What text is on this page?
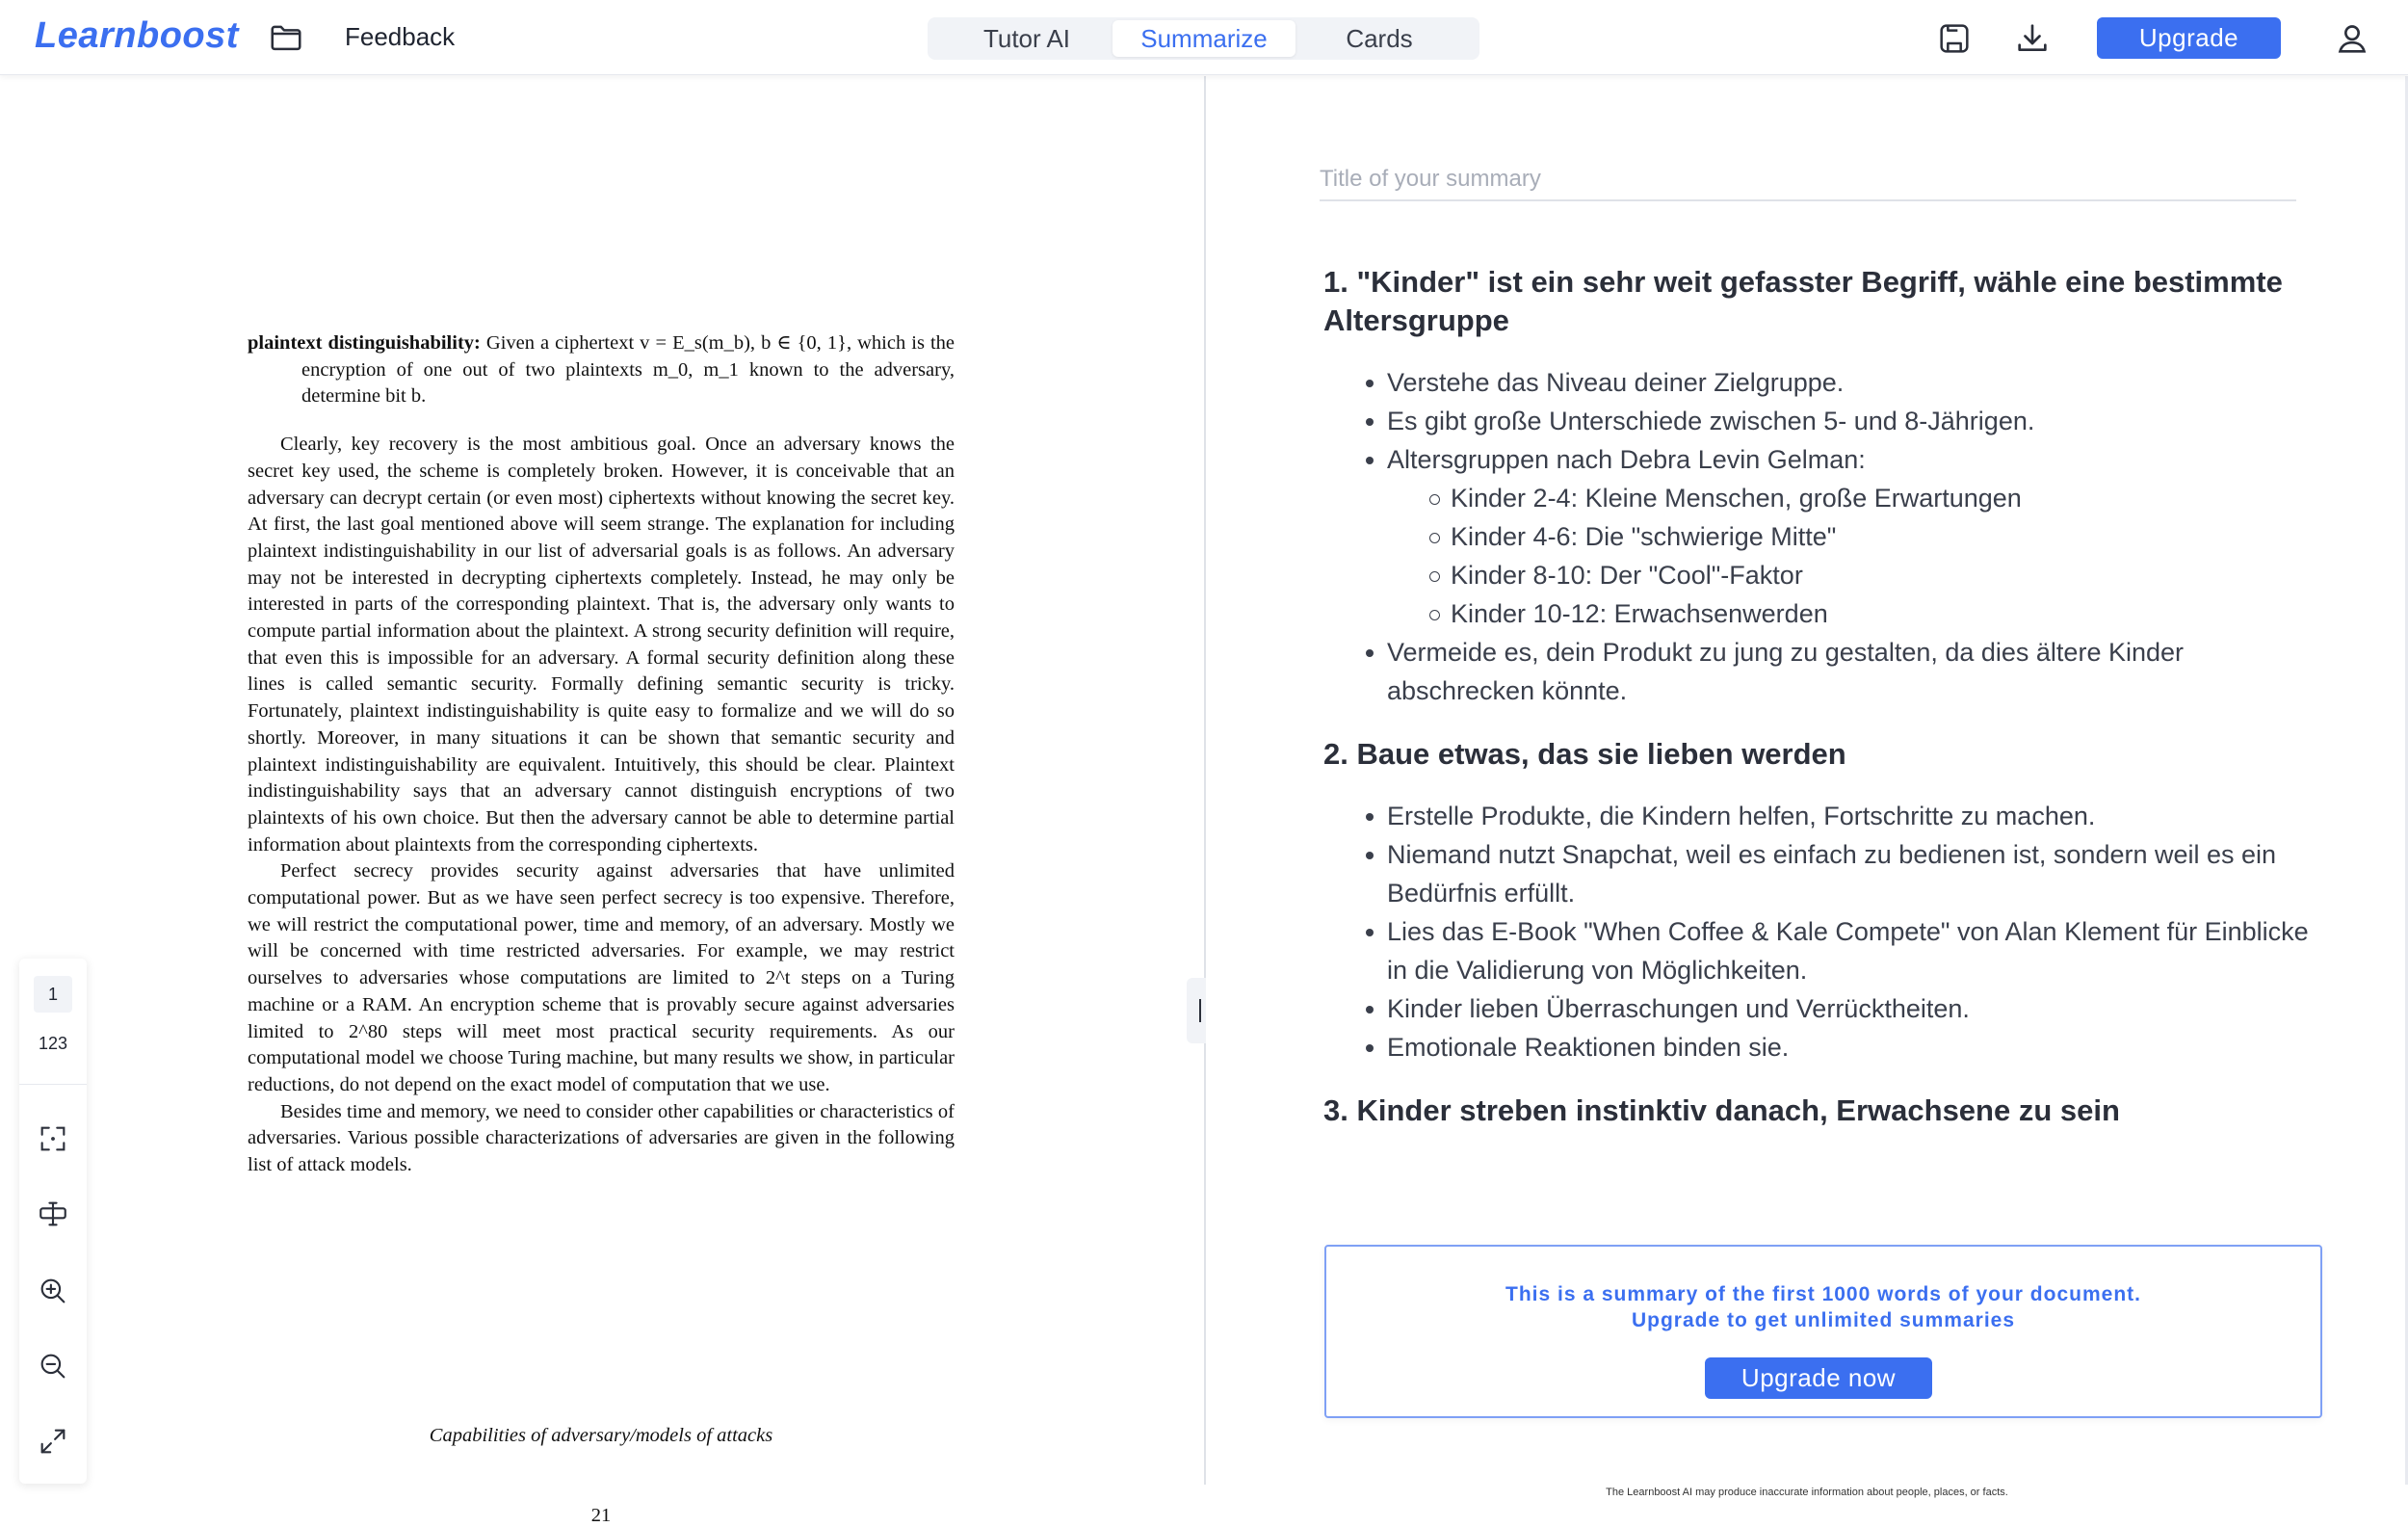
Learnboost	Feedback	Tutor AI	Summarize	Cards	Upgrade

plaintext distinguishability: Given a ciphertext v = E_s(m_b), b ∈ {0, 1}, which is the encryption of one out of two plaintexts m_0, m_1 known to the adversary, determine bit b.

Clearly, key recovery is the most ambitious goal. Once an adversary knows the secret key used, the scheme is completely broken. However, it is conceivable that an adversary can decrypt certain (or even most) ciphertexts without knowing the secret key. At first, the last goal mentioned above will seem strange. The explanation for including plaintext indistinguishability in our list of adversarial goals is as follows. An adversary may not be interested in decrypting ciphertexts completely. Instead, he may only be interested in parts of the corresponding plaintext. That is, the adversary only wants to compute partial information about the plaintext. A strong security definition will require, that even this is impossible for an adversary. A formal security definition along these lines is called semantic security. Formally defining semantic security is tricky. Fortunately, plaintext indistinguishability is quite easy to formalize and we will do so shortly. Moreover, in many situations it can be shown that semantic security and plaintext indistinguishability are equivalent. Intuitively, this should be clear. Plaintext indistinguishability says that an adversary cannot distinguish encryptions of two plaintexts of his own choice. But then the adversary cannot be able to determine partial information about plaintexts from the corresponding ciphertexts.

Perfect secrecy provides security against adversaries that have unlimited computational power. But as we have seen perfect secrecy is too expensive. Therefore, we will restrict the computational power, time and memory, of an adversary. Mostly we will be concerned with time restricted adversaries. For example, we may restrict ourselves to adversaries whose computations are limited to 2^t steps on a Turing machine or a RAM. An encryption scheme that is provably secure against adversaries limited to 2^80 steps will meet most practical security requirements. As our computational model we choose Turing machine, but many results we show, in particular reductions, do not depend on the exact model of computation that we use.

Besides time and memory, we need to consider other capabilities or characteristics of adversaries. Various possible characterizations of adversaries are given in the following list of attack models.

Capabilities of adversary/models of attacks
21
1
123
Title of your summary
1. "Kinder" ist ein sehr weit gefasster Begriff, wähle eine bestimmte Altersgruppe
Verstehe das Niveau deiner Zielgruppe.
Es gibt große Unterschiede zwischen 5- und 8-Jährigen.
Altersgruppen nach Debra Levin Gelman:
Kinder 2-4: Kleine Menschen, große Erwartungen
Kinder 4-6: Die "schwierige Mitte"
Kinder 8-10: Der "Cool"-Faktor
Kinder 10-12: Erwachsenwerden
Vermeide es, dein Produkt zu jung zu gestalten, da dies ältere Kinder abschrecken könnte.
2. Baue etwas, das sie lieben werden
Erstelle Produkte, die Kindern helfen, Fortschritte zu machen.
Niemand nutzt Snapchat, weil es einfach zu bedienen ist, sondern weil es ein Bedürfnis erfüllt.
Lies das E-Book "When Coffee & Kale Compete" von Alan Klement für Einblicke in die Validierung von Möglichkeiten.
Kinder lieben Überraschungen und Verrücktheiten.
Emotionale Reaktionen binden sie.
3. Kinder streben instinktiv danach, Erwachsene zu sein
This is a summary of the first 1000 words of your document.
Upgrade to get unlimited summaries
Upgrade now
The Learnboost AI may produce inaccurate information about people, places, or facts.
